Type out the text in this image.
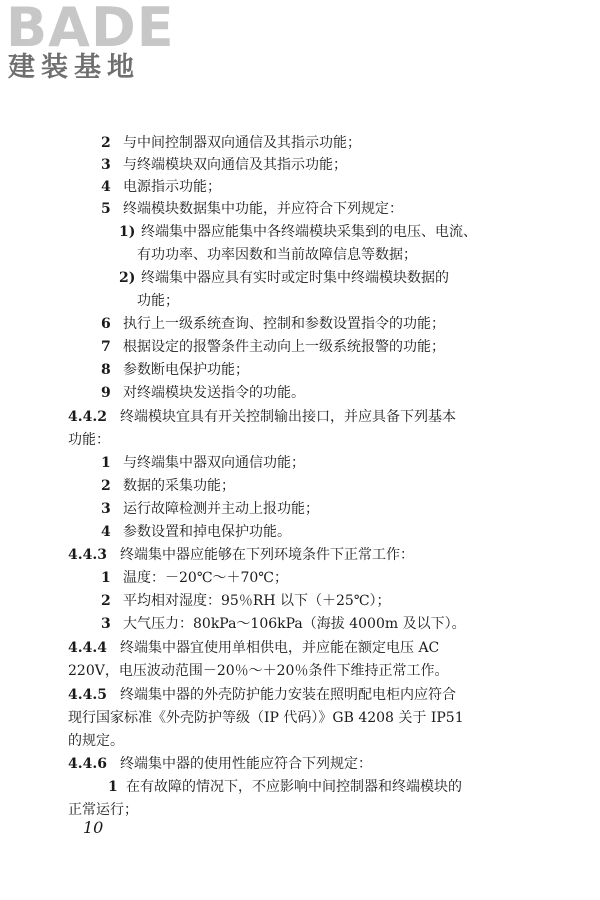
BADE
建装基地
2 与中间控制器双向通信及其指示功能；
3 与终端模块双向通信及其指示功能；
4 电源指示功能；
5 终端模块数据集中功能，并应符合下列规定：
1) 终端集中器应能集中各终端模块采集到的电压、电流、
有功功率、功率因数和当前故障信息等数据；
2) 终端集中器应具有实时或定时集中终端模块数据的
功能；
6 执行上一级系统查询、控制和参数设置指令的功能；
7 根据设定的报警条件主动向上一级系统报警的功能；
8 参数断电保护功能；
9 对终端模块发送指令的功能。
4.4.2 终端模块宜具有开关控制输出接口，并应具备下列基本
功能：
1 与终端集中器双向通信功能；
2 数据的采集功能；
3 运行故障检测并主动上报功能；
4 参数设置和掉电保护功能。
4.4.3 终端集中器应能够在下列环境条件下正常工作：
1 温度：－20℃～＋70℃；
2 平均相对湿度：95％RH 以下（＋25℃）；
3 大气压力：80kPa～106kPa（海拔 4000m 及以下）。
4.4.4 终端集中器宜使用单相供电，并应能在额定电压 AC
220V，电压波动范围－20％～＋20％条件下维持正常工作。
4.4.5 终端集中器的外壳防护能力安装在照明配电柜内应符合
现行国家标准《外壳防护等级（IP 代码）》GB 4208 关于 IP51
的规定。
4.4.6 终端集中器的使用性能应符合下列规定：
1 在有故障的情况下，不应影响中间控制器和终端模块的
正常运行；
10
